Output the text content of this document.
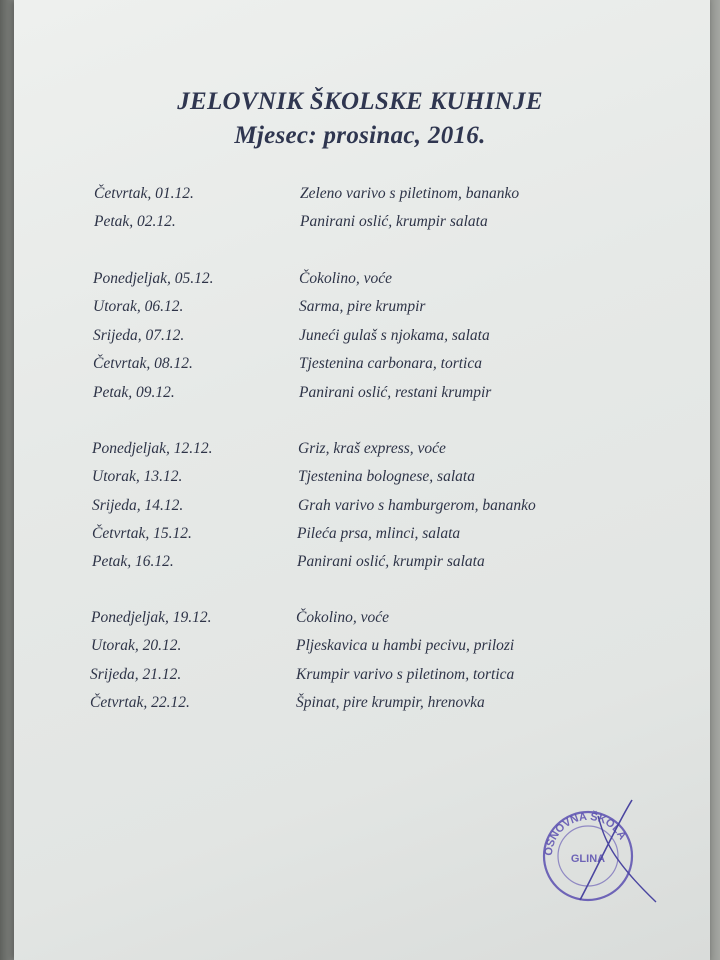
JELOVNIK ŠKOLSKE KUHINJE
Mjesec: prosinac, 2016.
Četvrtak, 01.12.	Zeleno varivo s piletinom, bananko
Petak, 02.12.	Panirani oslić, krumpir salata
Ponedjeljak, 05.12.	Čokolino, voće
Utorak, 06.12.	Sarma, pire krumpir
Srijeda, 07.12.	Juneći gulaš s njokama, salata
Četvrtak, 08.12.	Tjestenina carbonara, tortica
Petak, 09.12.	Panirani oslić, restani krumpir
Ponedjeljak, 12.12.	Griz, kraš express, voće
Utorak, 13.12.	Tjestenina bolognese, salata
Srijeda, 14.12.	Grah varivo s hamburgerom, bananko
Četvrtak, 15.12.	Pileća prsa, mlinci, salata
Petak, 16.12.	Panirani oslić, krumpir salata
Ponedjeljak, 19.12.	Čokolino, voće
Utorak, 20.12.	Pljeskavica u hambi pecivu, prilozi
Srijeda, 21.12.	Krumpir varivo s piletinom, tortica
Četvrtak, 22.12.	Špinat, pire krumpir, hrenovka
OSNOVNA ŠKOLA
GLINA
